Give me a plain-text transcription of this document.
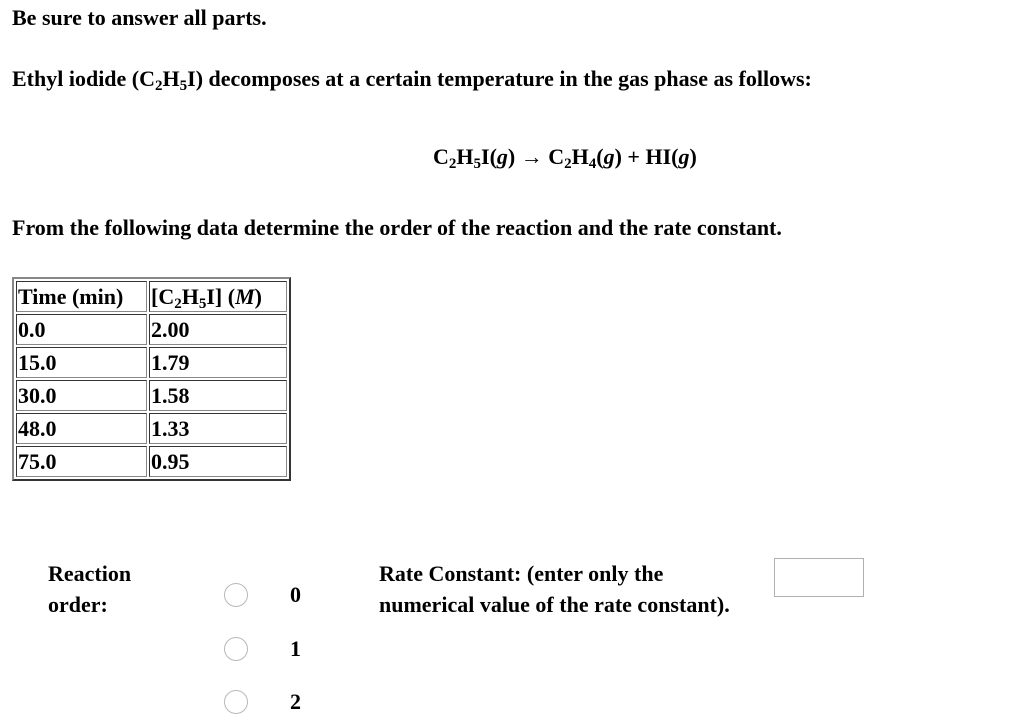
Be sure to answer all parts.

Ethyl iodide $(C_2H_5I)$ decomposes at a certain temperature in the gas phase as follows:

$C_2H_5I(g) \to C_2H_4(g) + HI(g)$

From the following data determine the order of the reaction and the rate constant.

Time (min)	$[C_2H_5I]$ (M)
0.0	2.00
15.0	1.79
30.0	1.58
48.0	1.33
75.0	0.95
Reaction order:	0
1
2
Rate Constant: (enter only the numerical value of the rate constant).
